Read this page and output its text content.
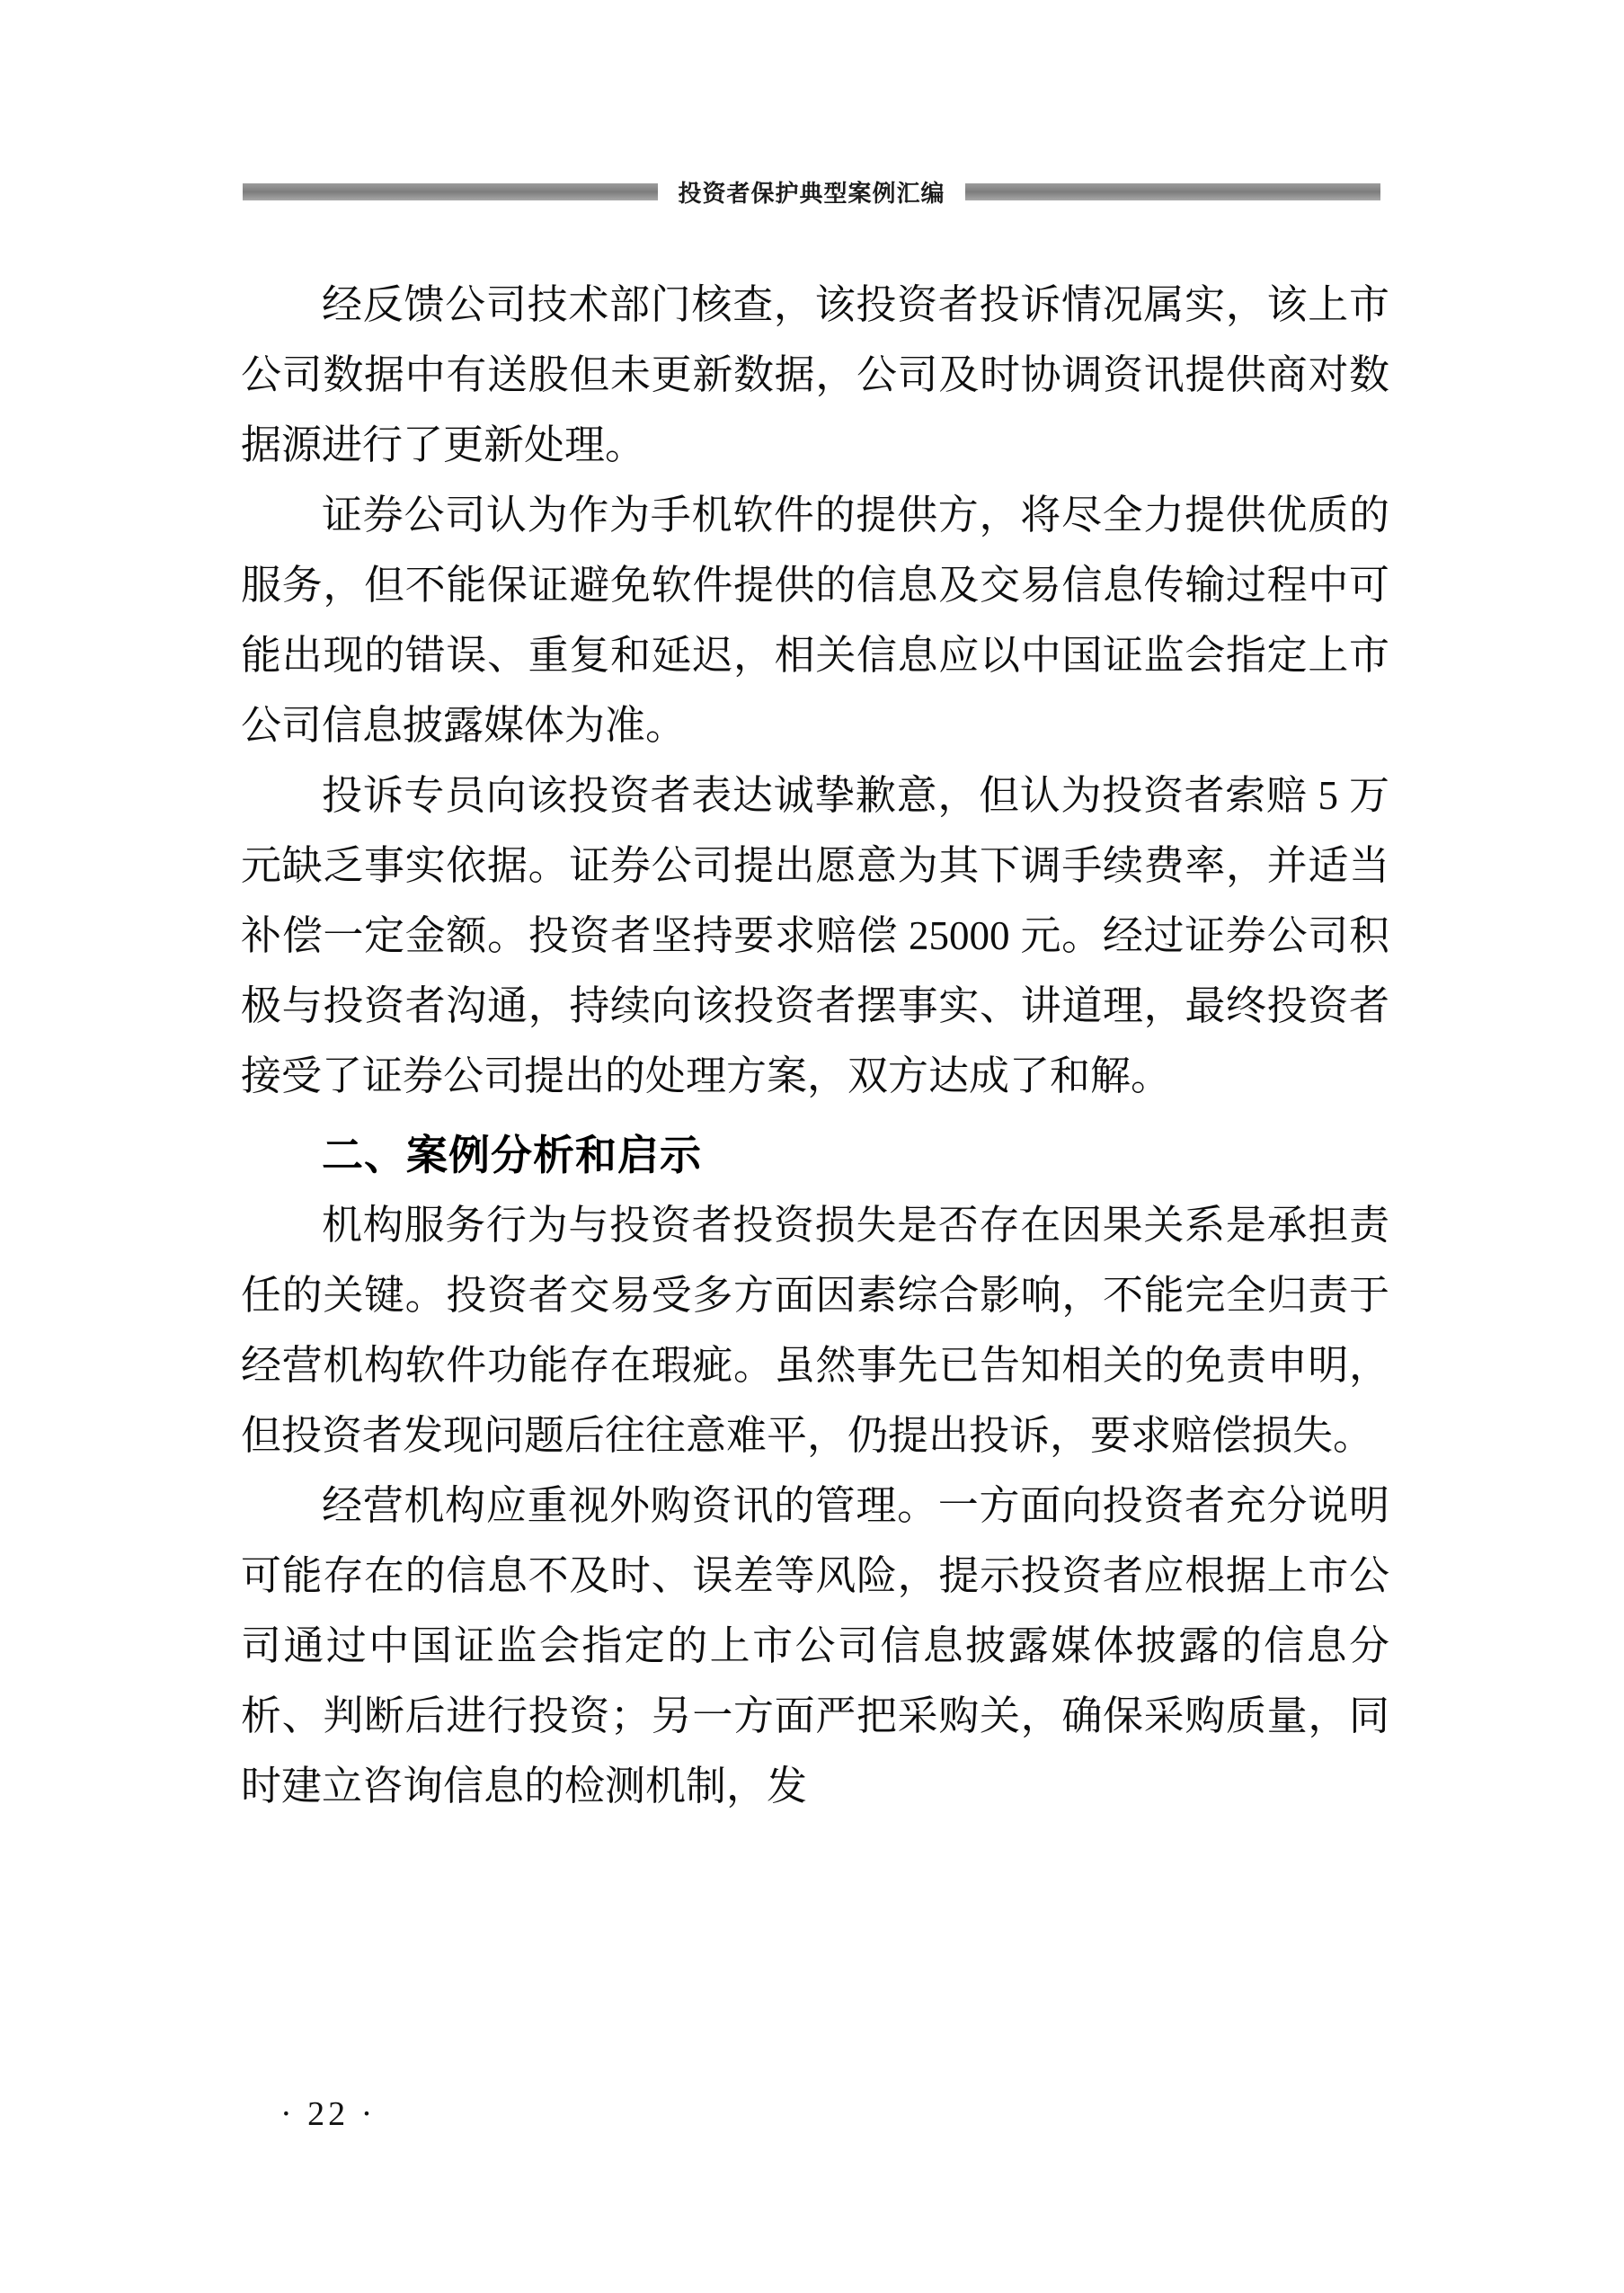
投资者保护典型案例汇编

经反馈公司技术部门核查，该投资者投诉情况属实，该上市公司数据中有送股但未更新数据，公司及时协调资讯提供商对数据源进行了更新处理。

证券公司认为作为手机软件的提供方，将尽全力提供优质的服务，但不能保证避免软件提供的信息及交易信息传输过程中可能出现的错误、重复和延迟，相关信息应以中国证监会指定上市公司信息披露媒体为准。

投诉专员向该投资者表达诚挚歉意，但认为投资者索赔 5 万元缺乏事实依据。证券公司提出愿意为其下调手续费率，并适当补偿一定金额。投资者坚持要求赔偿 25000 元。经过证券公司积极与投资者沟通，持续向该投资者摆事实、讲道理，最终投资者接受了证券公司提出的处理方案，双方达成了和解。

二、案例分析和启示

机构服务行为与投资者投资损失是否存在因果关系是承担责任的关键。投资者交易受多方面因素综合影响，不能完全归责于经营机构软件功能存在瑕疵。虽然事先已告知相关的免责申明，但投资者发现问题后往往意难平，仍提出投诉，要求赔偿损失。

经营机构应重视外购资讯的管理。一方面向投资者充分说明可能存在的信息不及时、误差等风险，提示投资者应根据上市公司通过中国证监会指定的上市公司信息披露媒体披露的信息分析、判断后进行投资；另一方面严把采购关，确保采购质量，同时建立咨询信息的检测机制，发

· 22 ·
